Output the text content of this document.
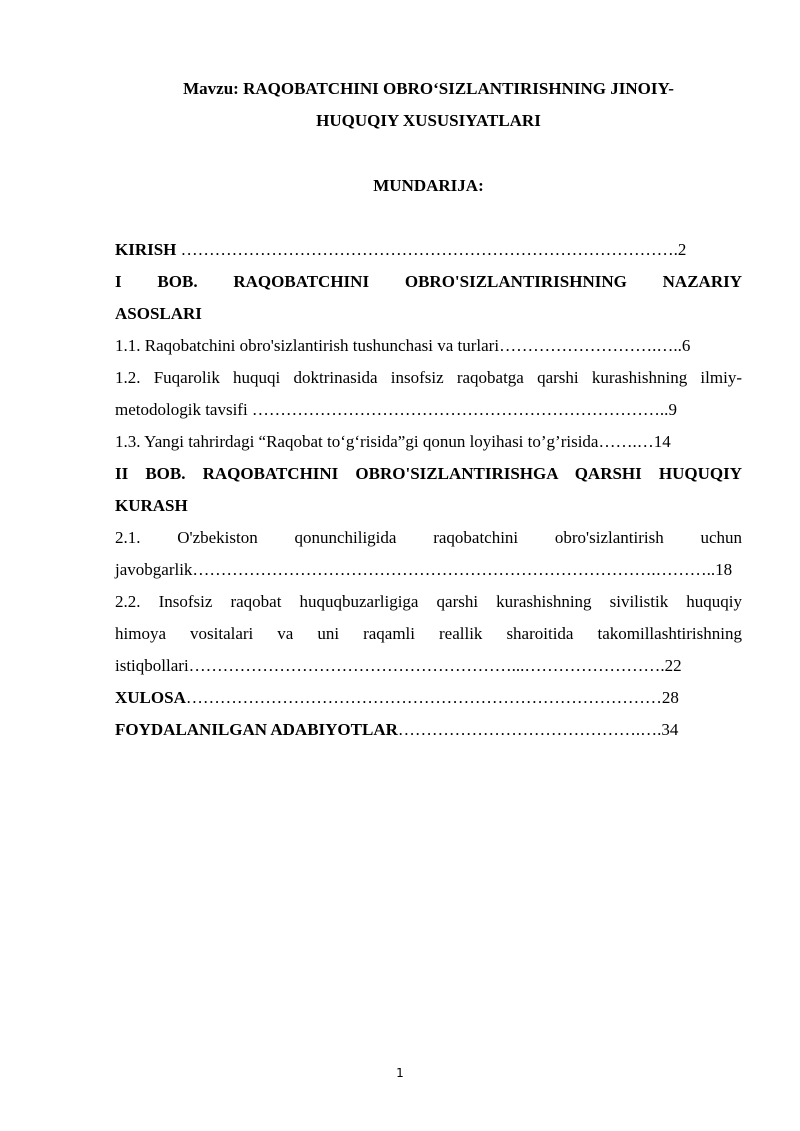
Mavzu: RAQOBATCHINI OBRO‘SIZLANTIRISHNING JINOIY-
HUQUQIY XUSUSIYATLARI
MUNDARIJA:

KIRISH …………………………………………………………………………….2

I BOB. RAQOBATCHINI OBRO'SIZLANTIRISHNING NAZARIY

ASOSLARI

1.1. Raqobatchini obro'sizlantirish tushunchasi va turlari……………………….…..6

1.2. Fuqarolik huquqi doktrinasida insofsiz raqobatga qarshi kurashishning ilmiy-

metodologik tavsifi ………………………………………………………………..9

1.3. Yangi tahrirdagi “Raqobat to‘g‘risida”gi qonun loyihasi to’g’risida…….…14

II BOB. RAQOBATCHINI OBRO'SIZLANTIRISHGA QARSHI HUQUQIY

KURASH

2.1. O'zbekiston qonunchiligida raqobatchini obro'sizlantirish uchun

javobgarlik……………………………………………………………………….………..18

2.2. Insofsiz raqobat huquqbuzarligiga qarshi kurashishning sivilistik huquqiy

himoya vositalari va uni raqamli reallik sharoitida takomillashtirishning

istiqbollari…………………………………………………...…………………….22

XULOSA…………………………………………………………………………28

FOYDALANILGAN ADABIYOTLAR…………………………………….….34

1
